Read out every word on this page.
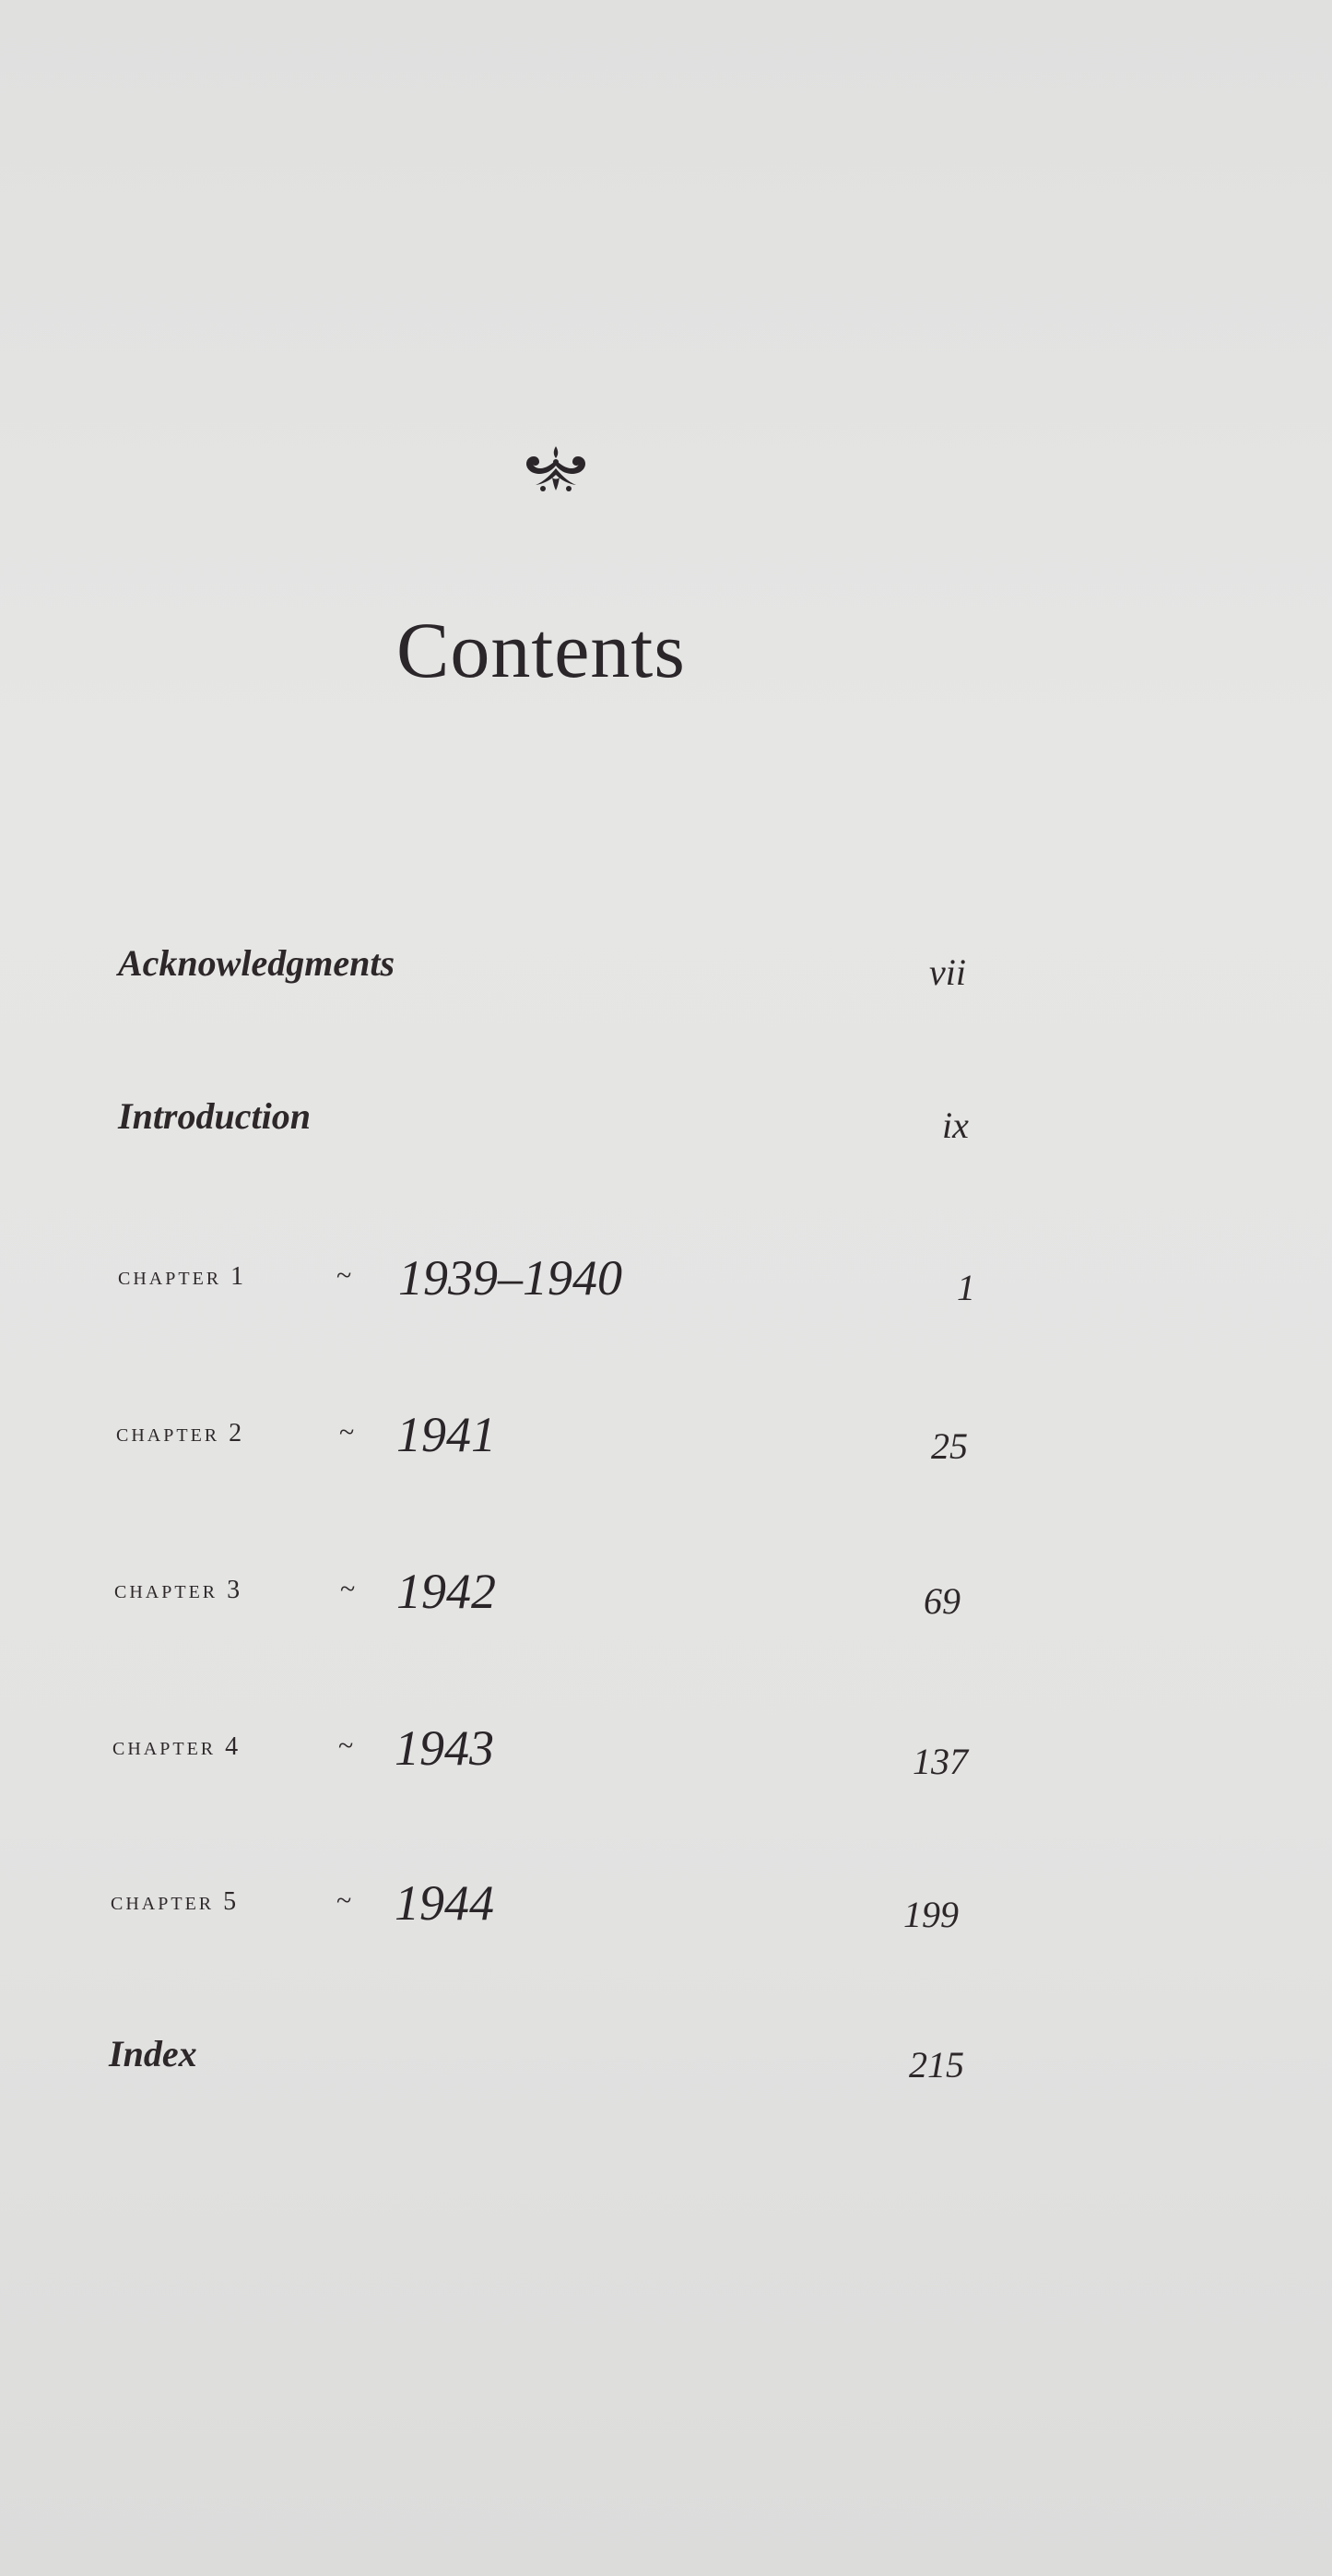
Contents
Acknowledgments	vii
Introduction	ix
chapter 1	~ 1939–1940	1
chapter 2	~ 1941	25
chapter 3	~ 1942	69
chapter 4	~ 1943	137
chapter 5	~ 1944	199
Index	215
